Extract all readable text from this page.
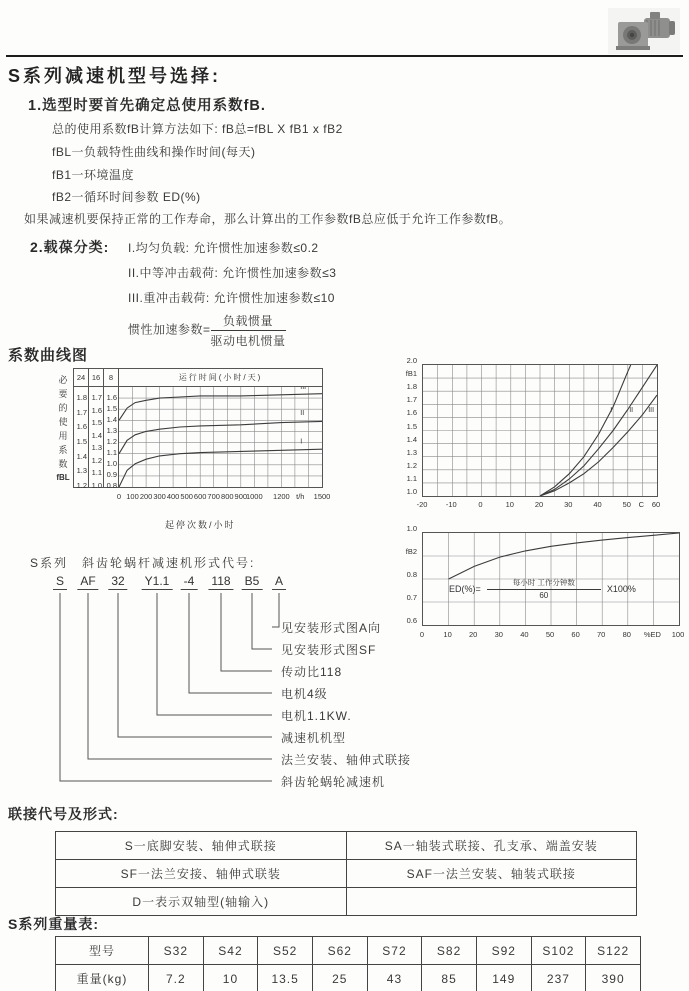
S系列减速机型号选择:
1.选型时要首先确定总使用系数fB.
总的使用系数fB计算方法如下: fB总=fBL X fB1 x fB2
fBL一负载特性曲线和操作时间(每天)
fB1一环境温度
fB2一循环时间参数 ED(%)
如果减速机要保持正常的工作寿命，那么计算出的工作参数fB总应低于允许工作参数fB。
2.载葆分类: I.均匀负载: 允许惯性加速参数≤0.2
II.中等冲击载荷: 允许惯性加速参数≤3
III.重冲击载荷: 允许惯性加速参数≤10
惯性加速参数= $\frac{\text{负载惯量}}{\text{驱动电机惯量}}$
系数曲线图
必
要
的
使
用
系
数
fBL
24 16	8	运行时间(小时/天)
1.8
1.7
1.6
1.5
1.4
1.3
1.2
1.7
1.6
1.5
1.4
1.3
1.2
1.1
1.0
1.6
1.5
1.4
1.3
1.2
1.1
1.0
0.9
0.8
III
II
I
0 100 200 300 400 500 600 700 800 900
1000 1200 t/h	1500
起停次数/小时
2.0
fB1
1.8
1.7
1.6
1.5
1.4
1.3
1.2
1.1
1.0
I II III
-20	-10	0	10	20	30	40	50	C	60
1.0
fB2
0.8
0.7
0.6
$ED(\%)= \frac{\text{每小时 工作分钟数}}{60} X100\%$
0	10	20	30	40	50	60	70	80	%ED	100
S系列 斜齿轮蜗杆减速机形式代号:
S AF 32 Y1.1 -4 118 B5 A
见安装形式图A向
见安装形式图SF
传动比118
电机4级
电机1.1KW.
减速机机型
法兰安装、轴伸式联接
斜齿轮蜗轮减速机
联接代号及形式:
S一底脚安装、轴伸式联接	SA一轴装式联接、孔支承、端盖安装
SF一法兰安接、轴伸式联装	SAF一法兰安装、轴装式联接
D一表示双轴型(轴输入)	
S系列重量表:
型号	S32	S42	S52	S62	S72	S82	S92	S102	S122
重量(kg)	7.2	10	13.5	25	43	85	149	237	390
